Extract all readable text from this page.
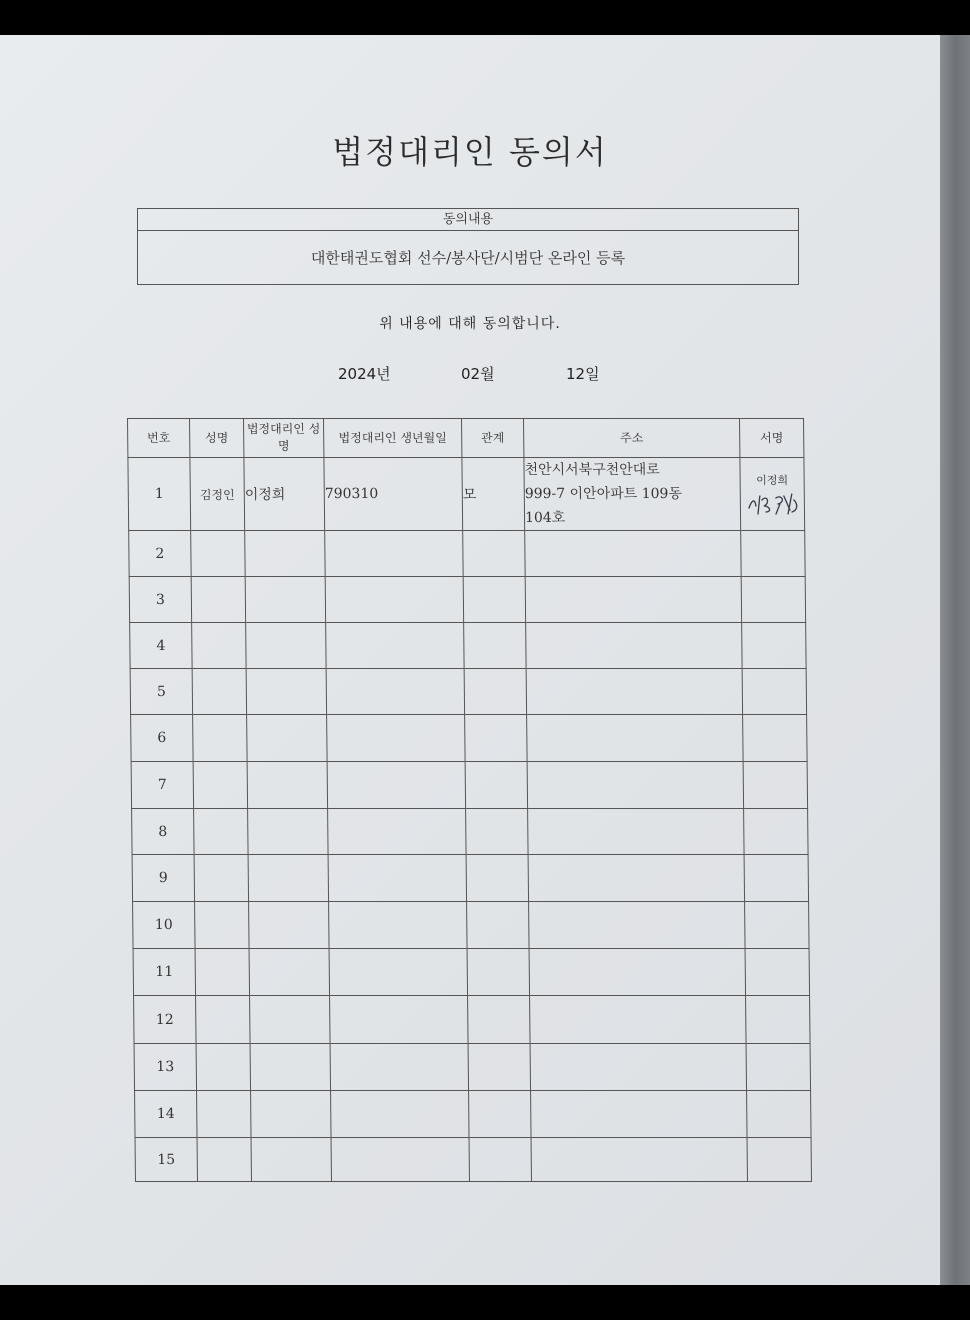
법정대리인 동의서
동의내용
대한태권도협회 선수/봉사단/시범단 온라인 등록
위 내용에 대해 동의합니다.
2024년	02월	12일
번호	성명	법정대리인 성명	법정대리인 생년월일	관계	주소	서명
1	김정인	이정희	790310	모	천안시서북구천안대로
999-7 이안아파트 109동
104호	이정희

2						
3						
4						
5						
6						
7						
8						
9						
10						
11						
12						
13						
14						
15						
